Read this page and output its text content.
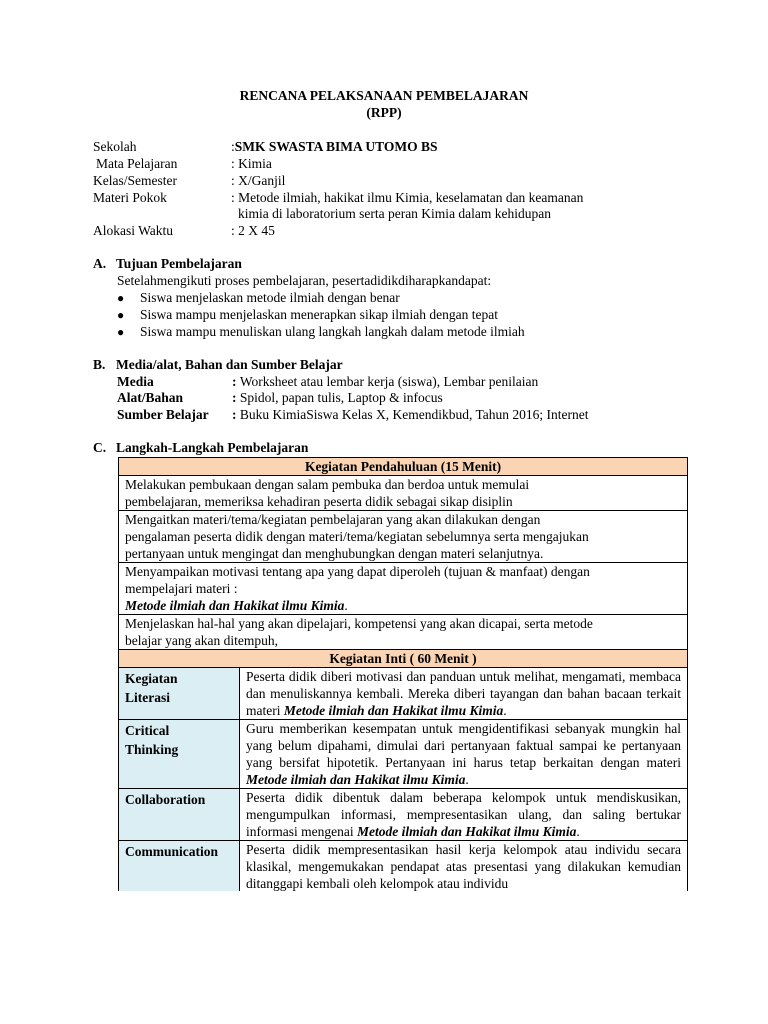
RENCANA PELAKSANAAN PEMBELAJARAN
(RPP)
Sekolah	:SMK SWASTA BIMA UTOMO BS
Mata Pelajaran	: Kimia
Kelas/Semester	: X/Ganjil
Materi Pokok	: Metode ilmiah, hakikat ilmu Kimia, keselamatan dan keamanan
kimia di laboratorium serta peran Kimia dalam kehidupan
Alokasi Waktu	: 2 X 45
A. Tujuan Pembelajaran
Setelahmengikuti proses pembelajaran, pesertadidikdiharapkandapat:
● Siswa menjelaskan metode ilmiah dengan benar
● Siswa mampu menjelaskan menerapkan sikap ilmiah dengan tepat
● Siswa mampu menuliskan ulang langkah langkah dalam metode ilmiah
B. Media/alat, Bahan dan Sumber Belajar
Media	: Worksheet atau lembar kerja (siswa), Lembar penilaian
Alat/Bahan	: Spidol, papan tulis, Laptop & infocus
Sumber Belajar : Buku KimiaSiswa Kelas X, Kemendikbud, Tahun 2016; Internet
C. Langkah-Langkah Pembelajaran
Kegiatan Pendahuluan (15 Menit)	

Melakukan pembukaan dengan salam pembuka dan berdoa untuk memulai
pembelajaran, memeriksa kehadiran peserta didik sebagai sikap disiplin	

Mengaitkan materi/tema/kegiatan pembelajaran yang akan dilakukan dengan
pengalaman peserta didik dengan materi/tema/kegiatan sebelumnya serta mengajukan
pertanyaan untuk mengingat dan menghubungkan dengan materi selanjutnya.	

Menyampaikan motivasi tentang apa yang dapat diperoleh (tujuan & manfaat) dengan
mempelajari materi :
Metode ilmiah dan Hakikat ilmu Kimia.	

Menjelaskan hal-hal yang akan dipelajari, kompetensi yang akan dicapai, serta metode
belajar yang akan ditempuh,	

Kegiatan Inti ( 60 Menit )	

Kegiatan
Literasi	Peserta didik diberi motivasi dan panduan untuk melihat, mengamati, membaca dan menuliskannya kembali. Mereka diberi tayangan dan bahan bacaan terkait materi Metode ilmiah dan Hakikat ilmu Kimia.

Critical
Thinking	Guru memberikan kesempatan untuk mengidentifikasi sebanyak mungkin hal yang belum dipahami, dimulai dari pertanyaan faktual sampai ke pertanyaan yang bersifat hipotetik. Pertanyaan ini harus tetap berkaitan dengan materi Metode ilmiah dan Hakikat ilmu Kimia.

Collaboration	Peserta didik dibentuk dalam beberapa kelompok untuk mendiskusikan, mengumpulkan informasi, mempresentasikan ulang, dan saling bertukar informasi mengenai Metode ilmiah dan Hakikat ilmu Kimia.

Communication	Peserta didik mempresentasikan hasil kerja kelompok atau individu secara klasikal, mengemukakan pendapat atas presentasi yang dilakukan kemudian ditanggapi kembali oleh kelompok atau individu
